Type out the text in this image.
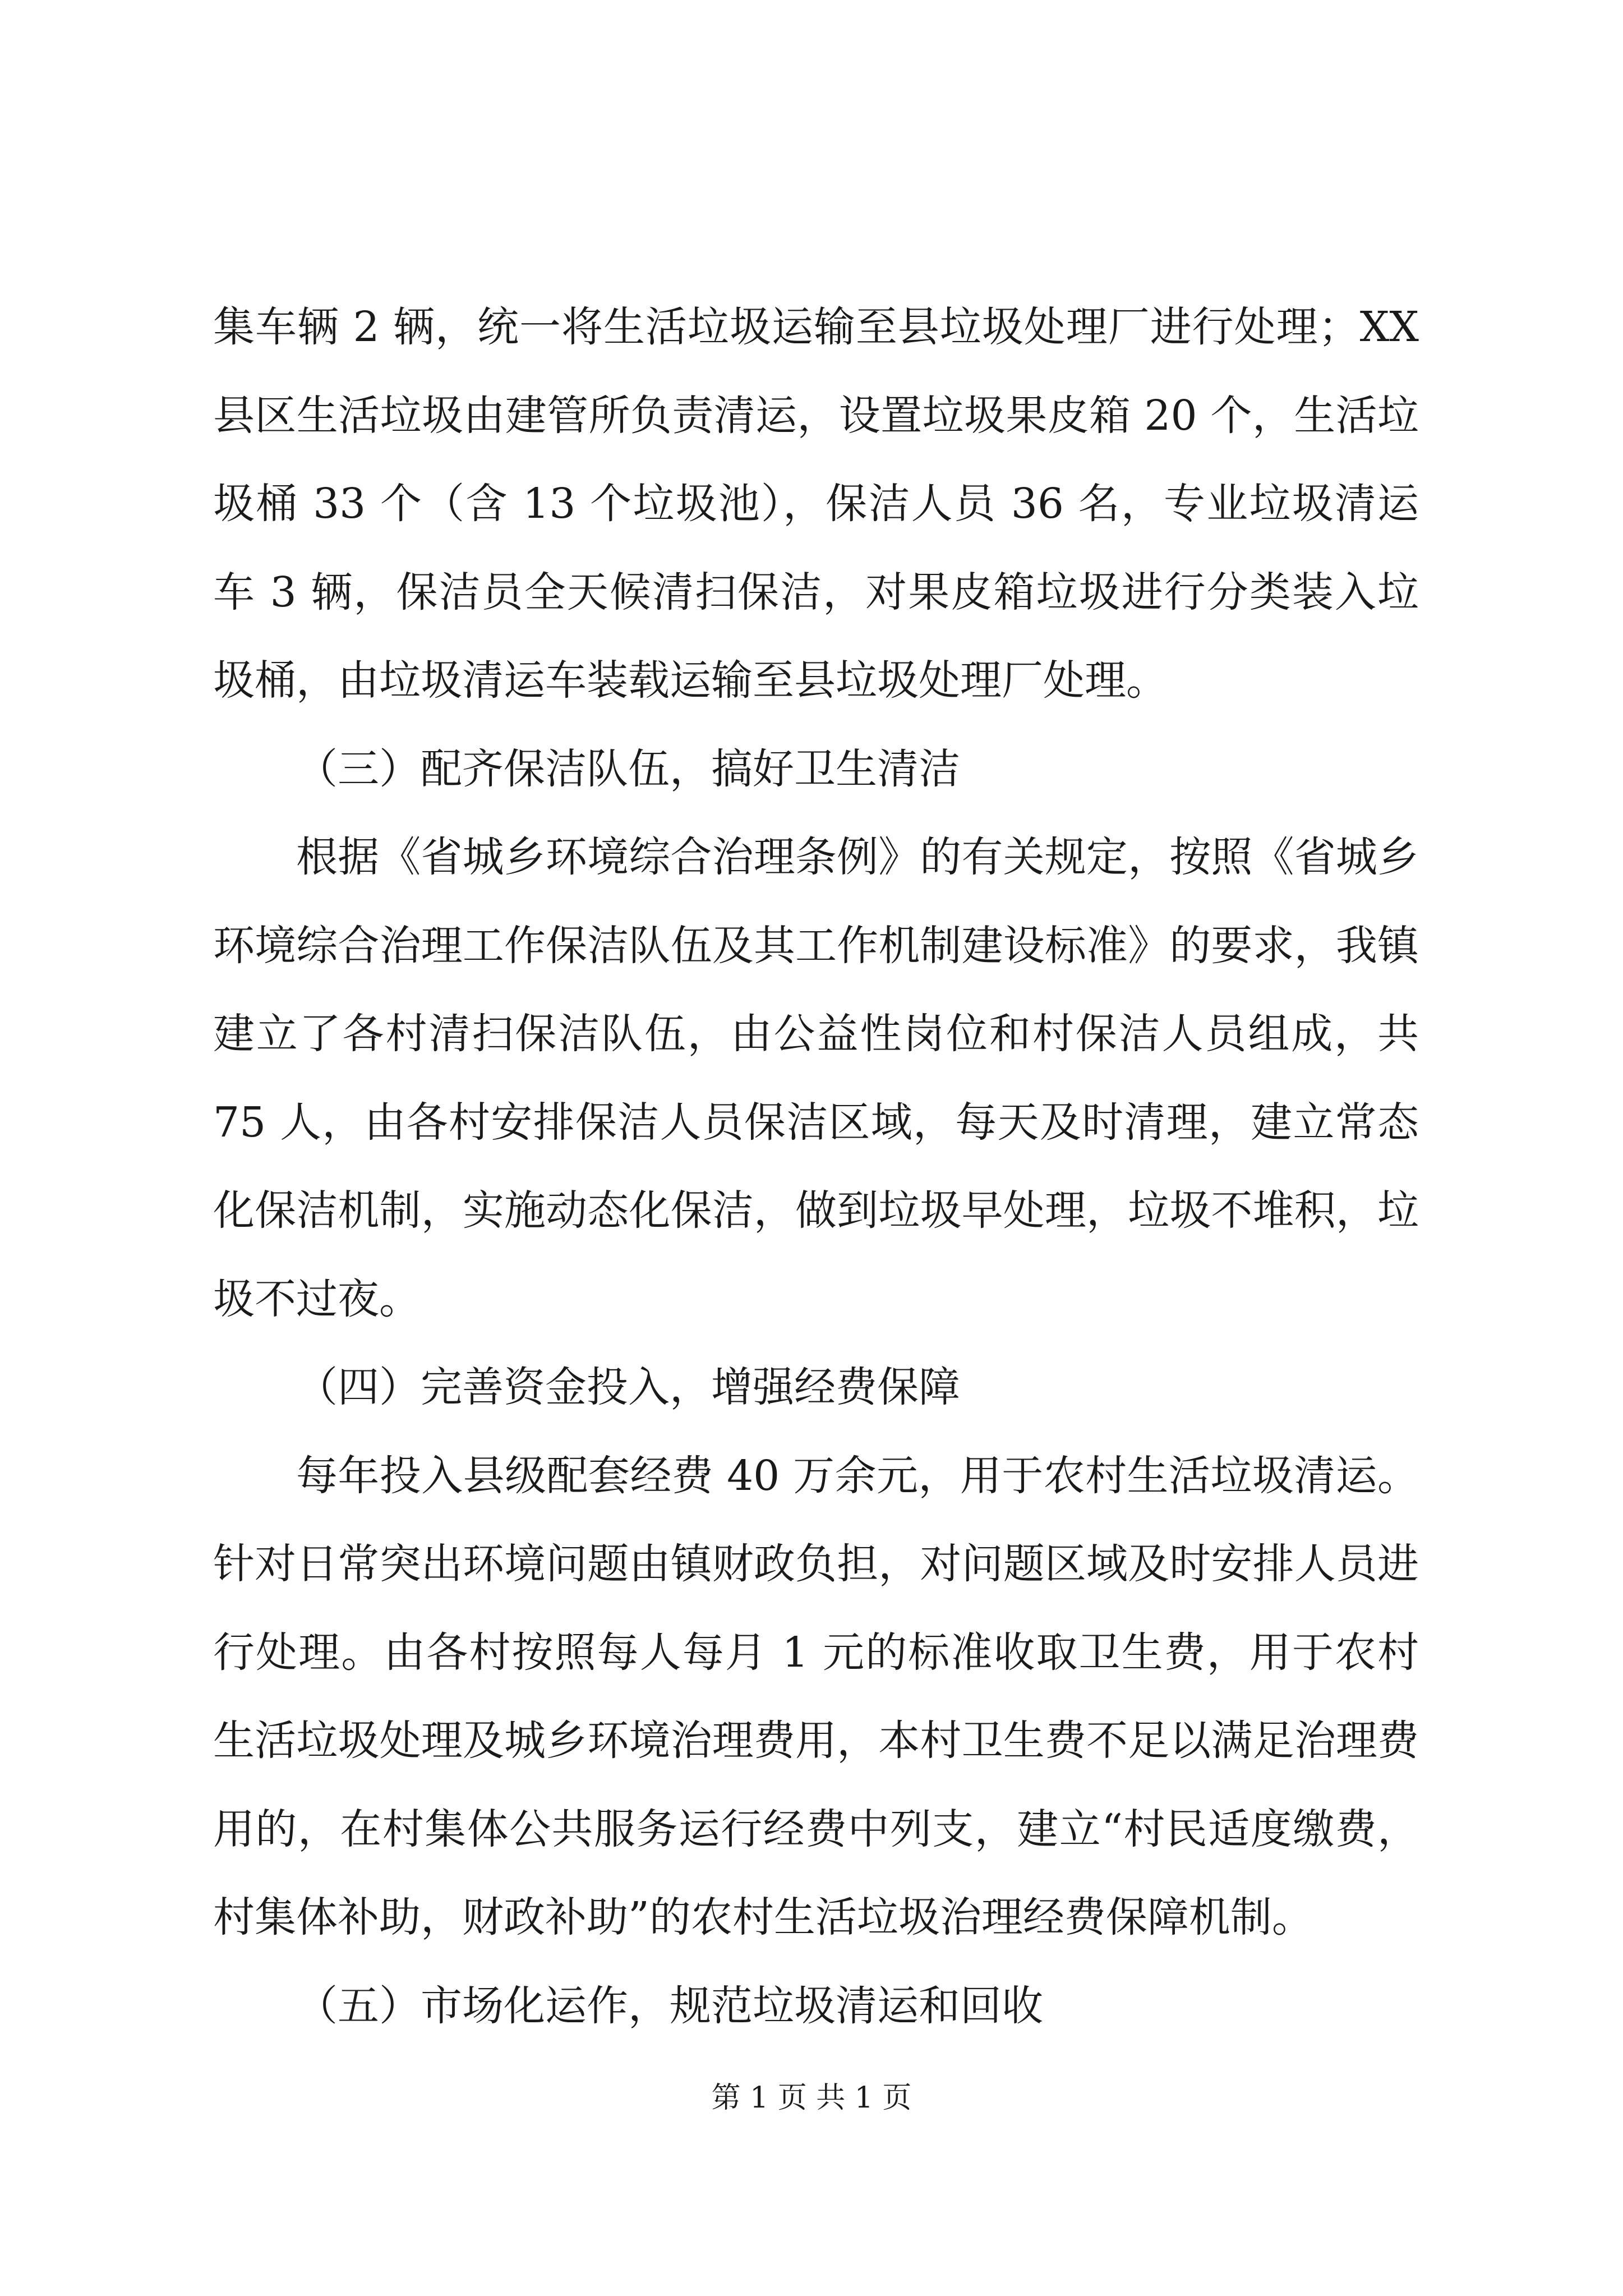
集车辆 2 辆，统一将生活垃圾运输至县垃圾处理厂进行处理；XX 县区生活垃圾由建管所负责清运，设置垃圾果皮箱 20 个，生活垃圾桶 33 个（含 13 个垃圾池），保洁人员 36 名，专业垃圾清运车 3 辆，保洁员全天候清扫保洁，对果皮箱垃圾进行分类装入垃圾桶，由垃圾清运车装载运输至县垃圾处理厂处理。

（三）配齐保洁队伍，搞好卫生清洁

根据《省城乡环境综合治理条例》的有关规定，按照《省城乡环境综合治理工作保洁队伍及其工作机制建设标准》的要求，我镇建立了各村清扫保洁队伍，由公益性岗位和村保洁人员组成，共 75 人，由各村安排保洁人员保洁区域，每天及时清理，建立常态化保洁机制，实施动态化保洁，做到垃圾早处理，垃圾不堆积，垃圾不过夜。

（四）完善资金投入，增强经费保障

每年投入县级配套经费 40 万余元，用于农村生活垃圾清运。针对日常突出环境问题由镇财政负担，对问题区域及时安排人员进行处理。由各村按照每人每月 1 元的标准收取卫生费，用于农村生活垃圾处理及城乡环境治理费用，本村卫生费不足以满足治理费用的，在村集体公共服务运行经费中列支，建立“村民适度缴费，村集体补助，财政补助”的农村生活垃圾治理经费保障机制。

（五）市场化运作，规范垃圾清运和回收

第 1 页 共 1 页
